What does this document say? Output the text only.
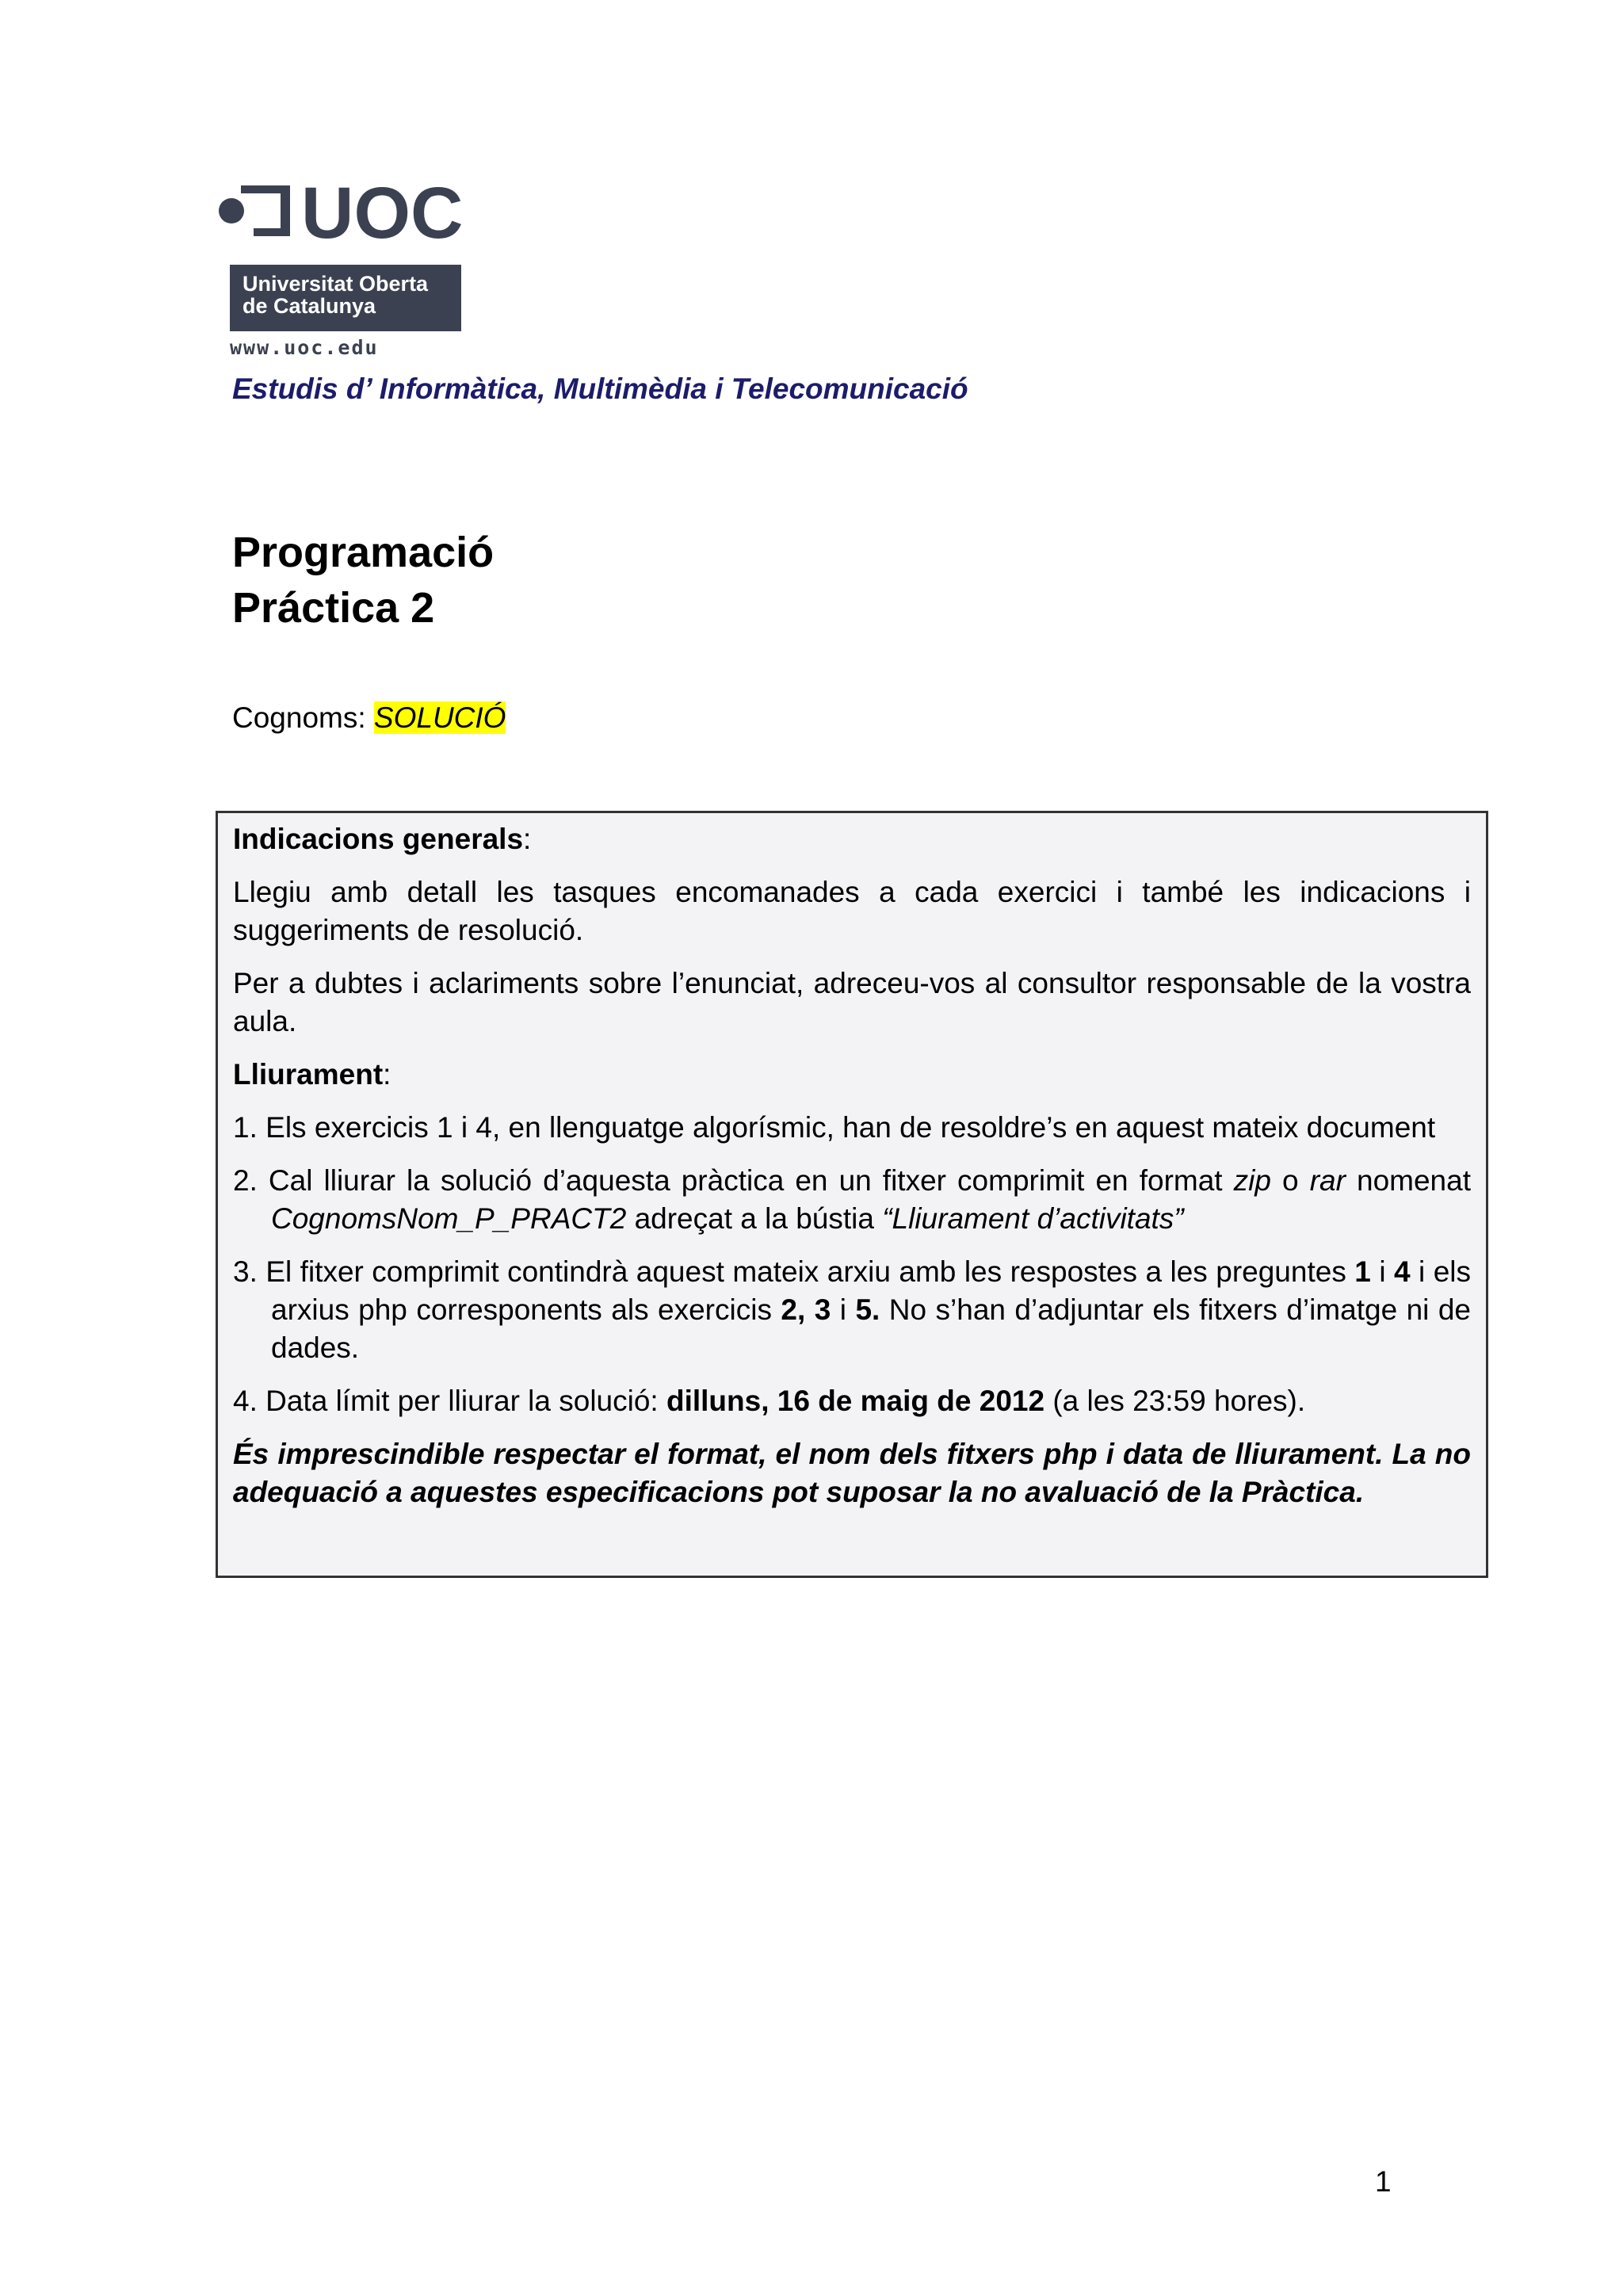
UOC
Universitat Oberta
de Catalunya
www.uoc.edu
Estudis d’ Informàtica, Multimèdia i Telecomunicació
Programació
Práctica 2
Cognoms: SOLUCIÓ

Indicacions generals:

Llegiu amb detall les tasques encomanades a cada exercici i també les indicacions i suggeriments de resolució.

Per a dubtes i aclariments sobre l’enunciat, adreceu-vos al consultor responsable de la vostra aula.

Lliurament:

1. Els exercicis 1 i 4, en llenguatge algorísmic, han de resoldre’s en aquest mateix document

2. Cal lliurar la solució d’aquesta pràctica en un fitxer comprimit en format zip o rar nomenat CognomsNom_P_PRACT2 adreçat a la bústia “Lliurament d’activitats”

3. El fitxer comprimit contindrà aquest mateix arxiu amb les respostes a les preguntes 1 i 4 i els arxius php corresponents als exercicis 2, 3 i 5. No s’han d’adjuntar els fitxers d’imatge ni de dades.

4. Data límit per lliurar la solució: dilluns, 16 de maig de 2012 (a les 23:59 hores).

És imprescindible respectar el format, el nom dels fitxers php i data de lliurament. La no adequació a aquestes especificacions pot suposar la no avaluació de la Pràctica.

1
